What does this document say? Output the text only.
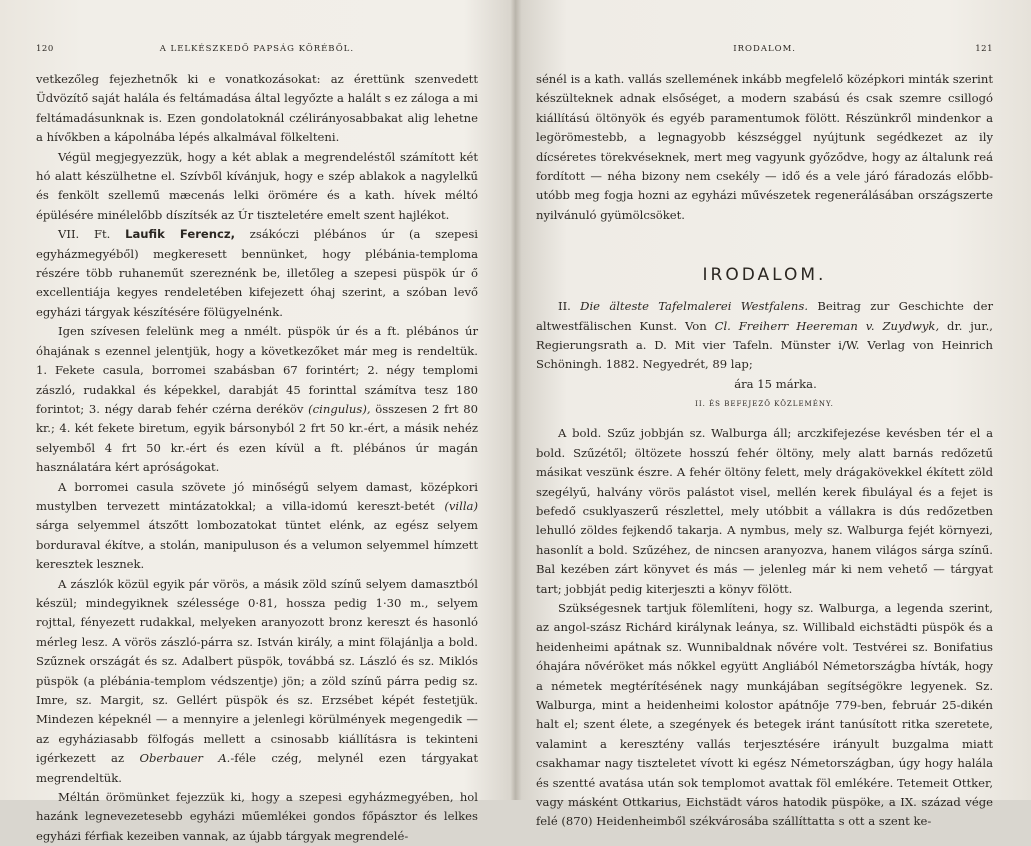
120	A LELKÉSZKEDŐ PAPSÁG KÖRÉBŐL.

vetkezőleg fejezhetnők ki e vonatkozásokat: az érettünk szenvedett Üdvözítő saját halála és feltámadása által legyőzte a halált s ez záloga a mi feltámadásunknak is. Ezen gondolatoknál czélirányosabbakat alig lehetne a hívőkben a kápolnába lépés alkalmával fölkelteni.

Végül megjegyezzük, hogy a két ablak a megrendeléstől számított két hó alatt készülhetne el. Szívből kívánjuk, hogy e szép ablakok a nagylelkű és fenkölt szellemű mæcenás lelki örömére és a kath. hívek méltó épülésére minélelőbb díszítsék az Úr tiszteletére emelt szent hajlékot.

VII. Ft. Laufik Ferencz, zsákóczi plébános úr (a szepesi egyházmegyéből) megkeresett bennünket, hogy plébánia-temploma részére több ruhaneműt szereznénk be, illetőleg a szepesi püspök úr ő excellentiája kegyes rendeletében kifejezett óhaj szerint, a szóban levő egyházi tárgyak készítésére fölügyelnénk.

Igen szívesen felelünk meg a nmélt. püspök úr és a ft. plébános úr óhajának s ezennel jelentjük, hogy a következőket már meg is rendeltük. 1. Fekete casula, borromei szabásban 67 forintért; 2. négy templomi zászló, rudakkal és képekkel, darabját 45 forinttal számítva tesz 180 forintot; 3. négy darab fehér czérna deréköv (cingulus), összesen 2 frt 80 kr.; 4. két fekete biretum, egyik bársonyból 2 frt 50 kr.-ért, a másik nehéz selyemből 4 frt 50 kr.-ért és ezen kívül a ft. plébános úr magán használatára kért apróságokat.

A borromei casula szövete jó minőségű selyem damast, középkori mustylben tervezett mintázatokkal; a villa-idomú kereszt-betét (villa) sárga selyemmel átszőtt lombozatokat tüntet elénk, az egész selyem borduraval ékítve, a stolán, manipuluson és a velumon selyemmel hímzett keresztek lesznek.

A zászlók közül egyik pár vörös, a másik zöld színű selyem damasztból készül; mindegyiknek szélessége 0·81, hossza pedig 1·30 m., selyem rojttal, fényezett rudakkal, melyeken aranyozott bronz kereszt és hasonló mérleg lesz. A vörös zászló-párra sz. István király, a mint fölajánlja a bold. Szűznek országát és sz. Adalbert püspök, továbbá sz. László és sz. Miklós püspök (a plébánia-templom védszentje) jön; a zöld színű párra pedig sz. Imre, sz. Margit, sz. Gellért püspök és sz. Erzsébet képét festetjük. Mindezen képeknél — a mennyire a jelenlegi körülmények megengedik — az egyháziasabb fölfogás mellett a csinosabb kiállításra is tekinteni igérkezett az Oberbauer A.-féle czég, melynél ezen tárgyakat megrendeltük.

Méltán örömünket fejezzük ki, hogy a szepesi egyházmegyében, hol hazánk legnevezetesebb egyházi műemlékei gondos főpásztor és lelkes egyházi férfiak kezeiben vannak, az újabb tárgyak megrendelé-

IRODALOM.	121

sénél is a kath. vallás szellemének inkább megfelelő középkori minták szerint készülteknek adnak elsőséget, a modern szabású és csak szemre csillogó kiállítású öltönyök és egyéb paramentumok fölött. Részünkről mindenkor a legörömestebb, a legnagyobb készséggel nyújtunk segédkezet az ily dícséretes törekvéseknek, mert meg vagyunk győződve, hogy az általunk reá fordított — néha bizony nem csekély — idő és a vele járó fáradozás előbb-utóbb meg fogja hozni az egyházi művészetek regenerálásában országszerte nyilvánuló gyümölcsöket.

IRODALOM.

II. Die älteste Tafelmalerei Westfalens. Beitrag zur Geschichte der altwestfälischen Kunst. Von Cl. Freiherr Heereman v. Zuydwyk, dr. jur., Regierungsrath a. D. Mit vier Tafeln. Münster i/W. Verlag von Heinrich Schöningh. 1882. Negyedrét, 89 lap;
ára 15 márka.

II. ÉS BEFEJEZŐ KÖZLEMÉNY.

A bold. Szűz jobbján sz. Walburga áll; arczkifejezése kevésben tér el a bold. Szűzétől; öltözete hosszú fehér öltöny, mely alatt barnás redőzetű másikat veszünk észre. A fehér öltöny felett, mely drágakövekkel ékített zöld szegélyű, halvány vörös palástot visel, mellén kerek fibuláyal és a fejet is befedő csuklyaszerű részlettel, mely utóbbit a vállakra is dús redőzetben lehulló zöldes fejkendő takarja. A nymbus, mely sz. Walburga fejét környezi, hasonlít a bold. Szűzéhez, de nincsen aranyozva, hanem világos sárga színű. Bal kezében zárt könyvet és más — jelenleg már ki nem vehető — tárgyat tart; jobbját pedig kiterjeszti a könyv fölött.

Szükségesnek tartjuk fölemlíteni, hogy sz. Walburga, a legenda szerint, az angol-szász Richárd királynak leánya, sz. Willibald eichstädti püspök és a heidenheimi apátnak sz. Wunnibaldnak nővére volt. Testvérei sz. Bonifatius óhajára nővéröket más nőkkel együtt Angliából Németországba hívták, hogy a németek megtérítésének nagy munkájában segítségökre legyenek. Sz. Walburga, mint a heidenheimi kolostor apátnője 779-ben, február 25-dikén halt el; szent élete, a szegények és betegek iránt tanúsított ritka szeretete, valamint a keresztény vallás terjesztésére irányult buzgalma miatt csakhamar nagy tiszteletet vívott ki egész Németországban, úgy hogy halála és szentté avatása után sok templomot avattak föl emlékére. Tetemeit Ottker, vagy másként Ottkarius, Eichstädt város hatodik püspöke, a IX. század vége felé (870) Heidenheimből székvárosába szállíttatta s ott a szent ke-
